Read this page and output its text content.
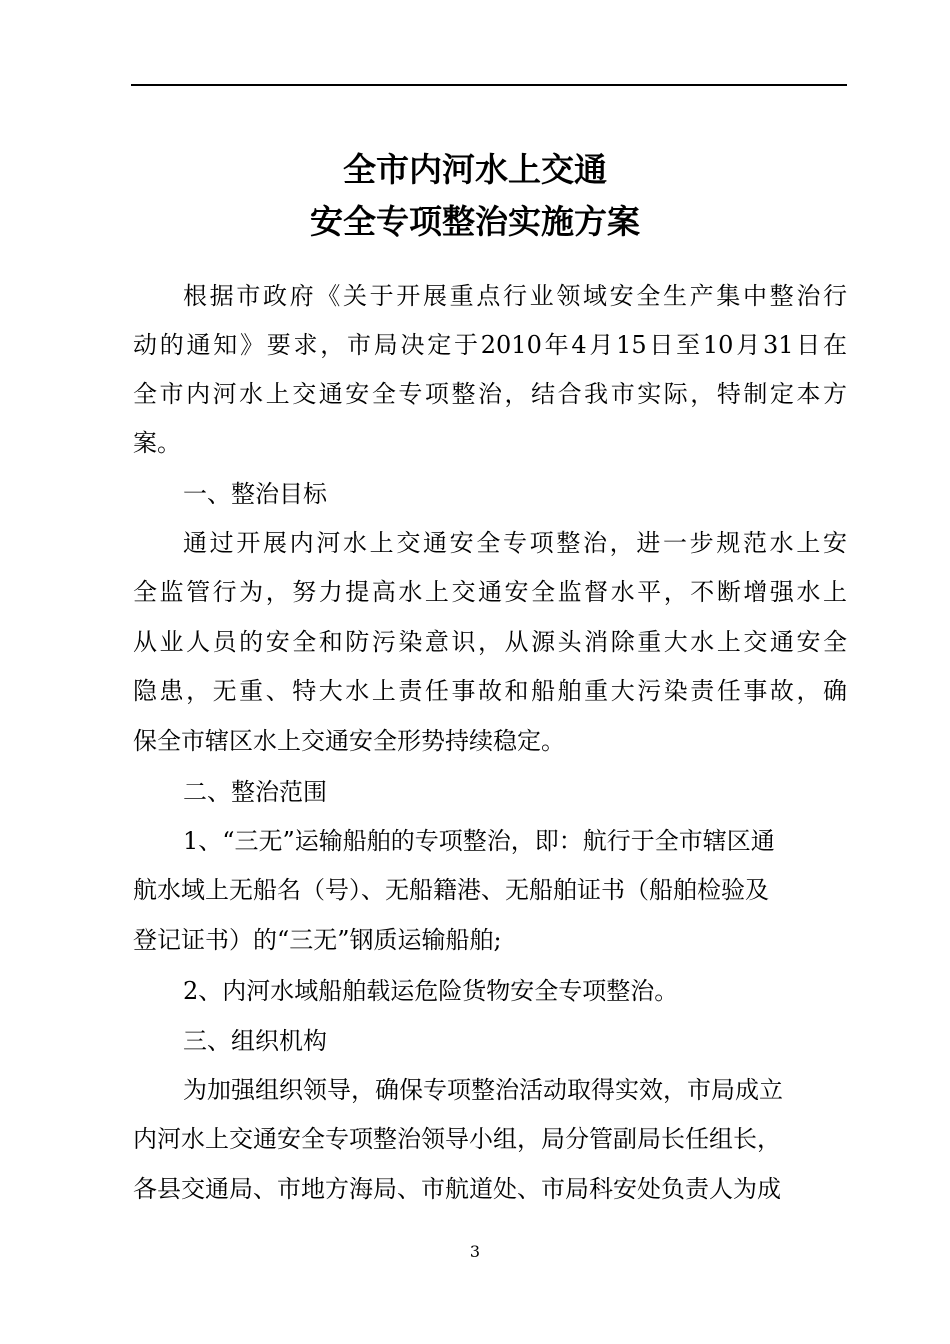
全市内河水上交通
安全专项整治实施方案
根据市政府《关于开展重点行业领域安全生产集中整治行
动的通知》要求，市局决定于2010年4月15日至10月31日在
全市内河水上交通安全专项整治，结合我市实际，特制定本方
案。
一、整治目标
通过开展内河水上交通安全专项整治，进一步规范水上安
全监管行为，努力提高水上交通安全监督水平，不断增强水上
从业人员的安全和防污染意识，从源头消除重大水上交通安全
隐患，无重、特大水上责任事故和船舶重大污染责任事故，确
保全市辖区水上交通安全形势持续稳定。
二、整治范围
1、“三无”运输船舶的专项整治，即：航行于全市辖区通
航水域上无船名（号）、无船籍港、无船舶证书（船舶检验及
登记证书）的“三无”钢质运输船舶;
2、内河水域船舶载运危险货物安全专项整治。
三、组织机构
为加强组织领导，确保专项整治活动取得实效，市局成立
内河水上交通安全专项整治领导小组，局分管副局长任组长，
各县交通局、市地方海局、市航道处、市局科安处负责人为成
3
